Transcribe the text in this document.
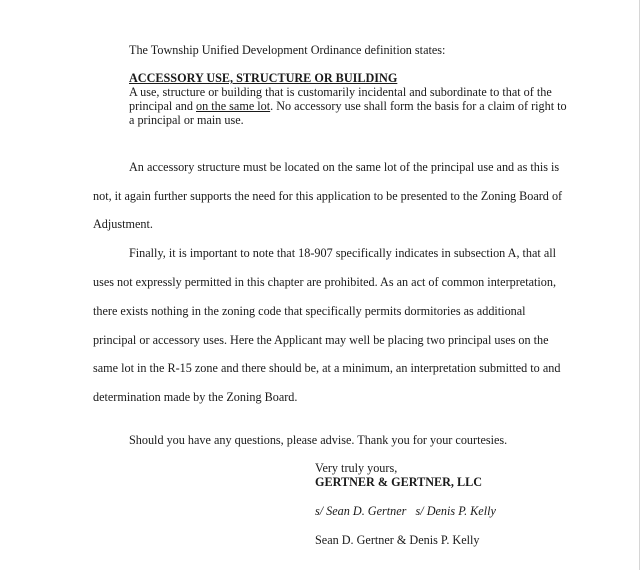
The Township Unified Development Ordinance definition states:
ACCESSORY USE, STRUCTURE OR BUILDING
A use, structure or building that is customarily incidental and subordinate to that of the
principal and on the same lot. No accessory use shall form the basis for a claim of right to
a principal or main use.
An accessory structure must be located on the same lot of the principal use and as this is
not, it again further supports the need for this application to be presented to the Zoning Board of
Adjustment.
Finally, it is important to note that 18-907 specifically indicates in subsection A, that all
uses not expressly permitted in this chapter are prohibited. As an act of common interpretation,
there exists nothing in the zoning code that specifically permits dormitories as additional
principal or accessory uses. Here the Applicant may well be placing two principal uses on the
same lot in the R-15 zone and there should be, at a minimum, an interpretation submitted to and
determination made by the Zoning Board.
Should you have any questions, please advise. Thank you for your courtesies.
Very truly yours,
GERTNER & GERTNER, LLC
s/ Sean D. Gertner s/ Denis P. Kelly
Sean D. Gertner & Denis P. Kelly
